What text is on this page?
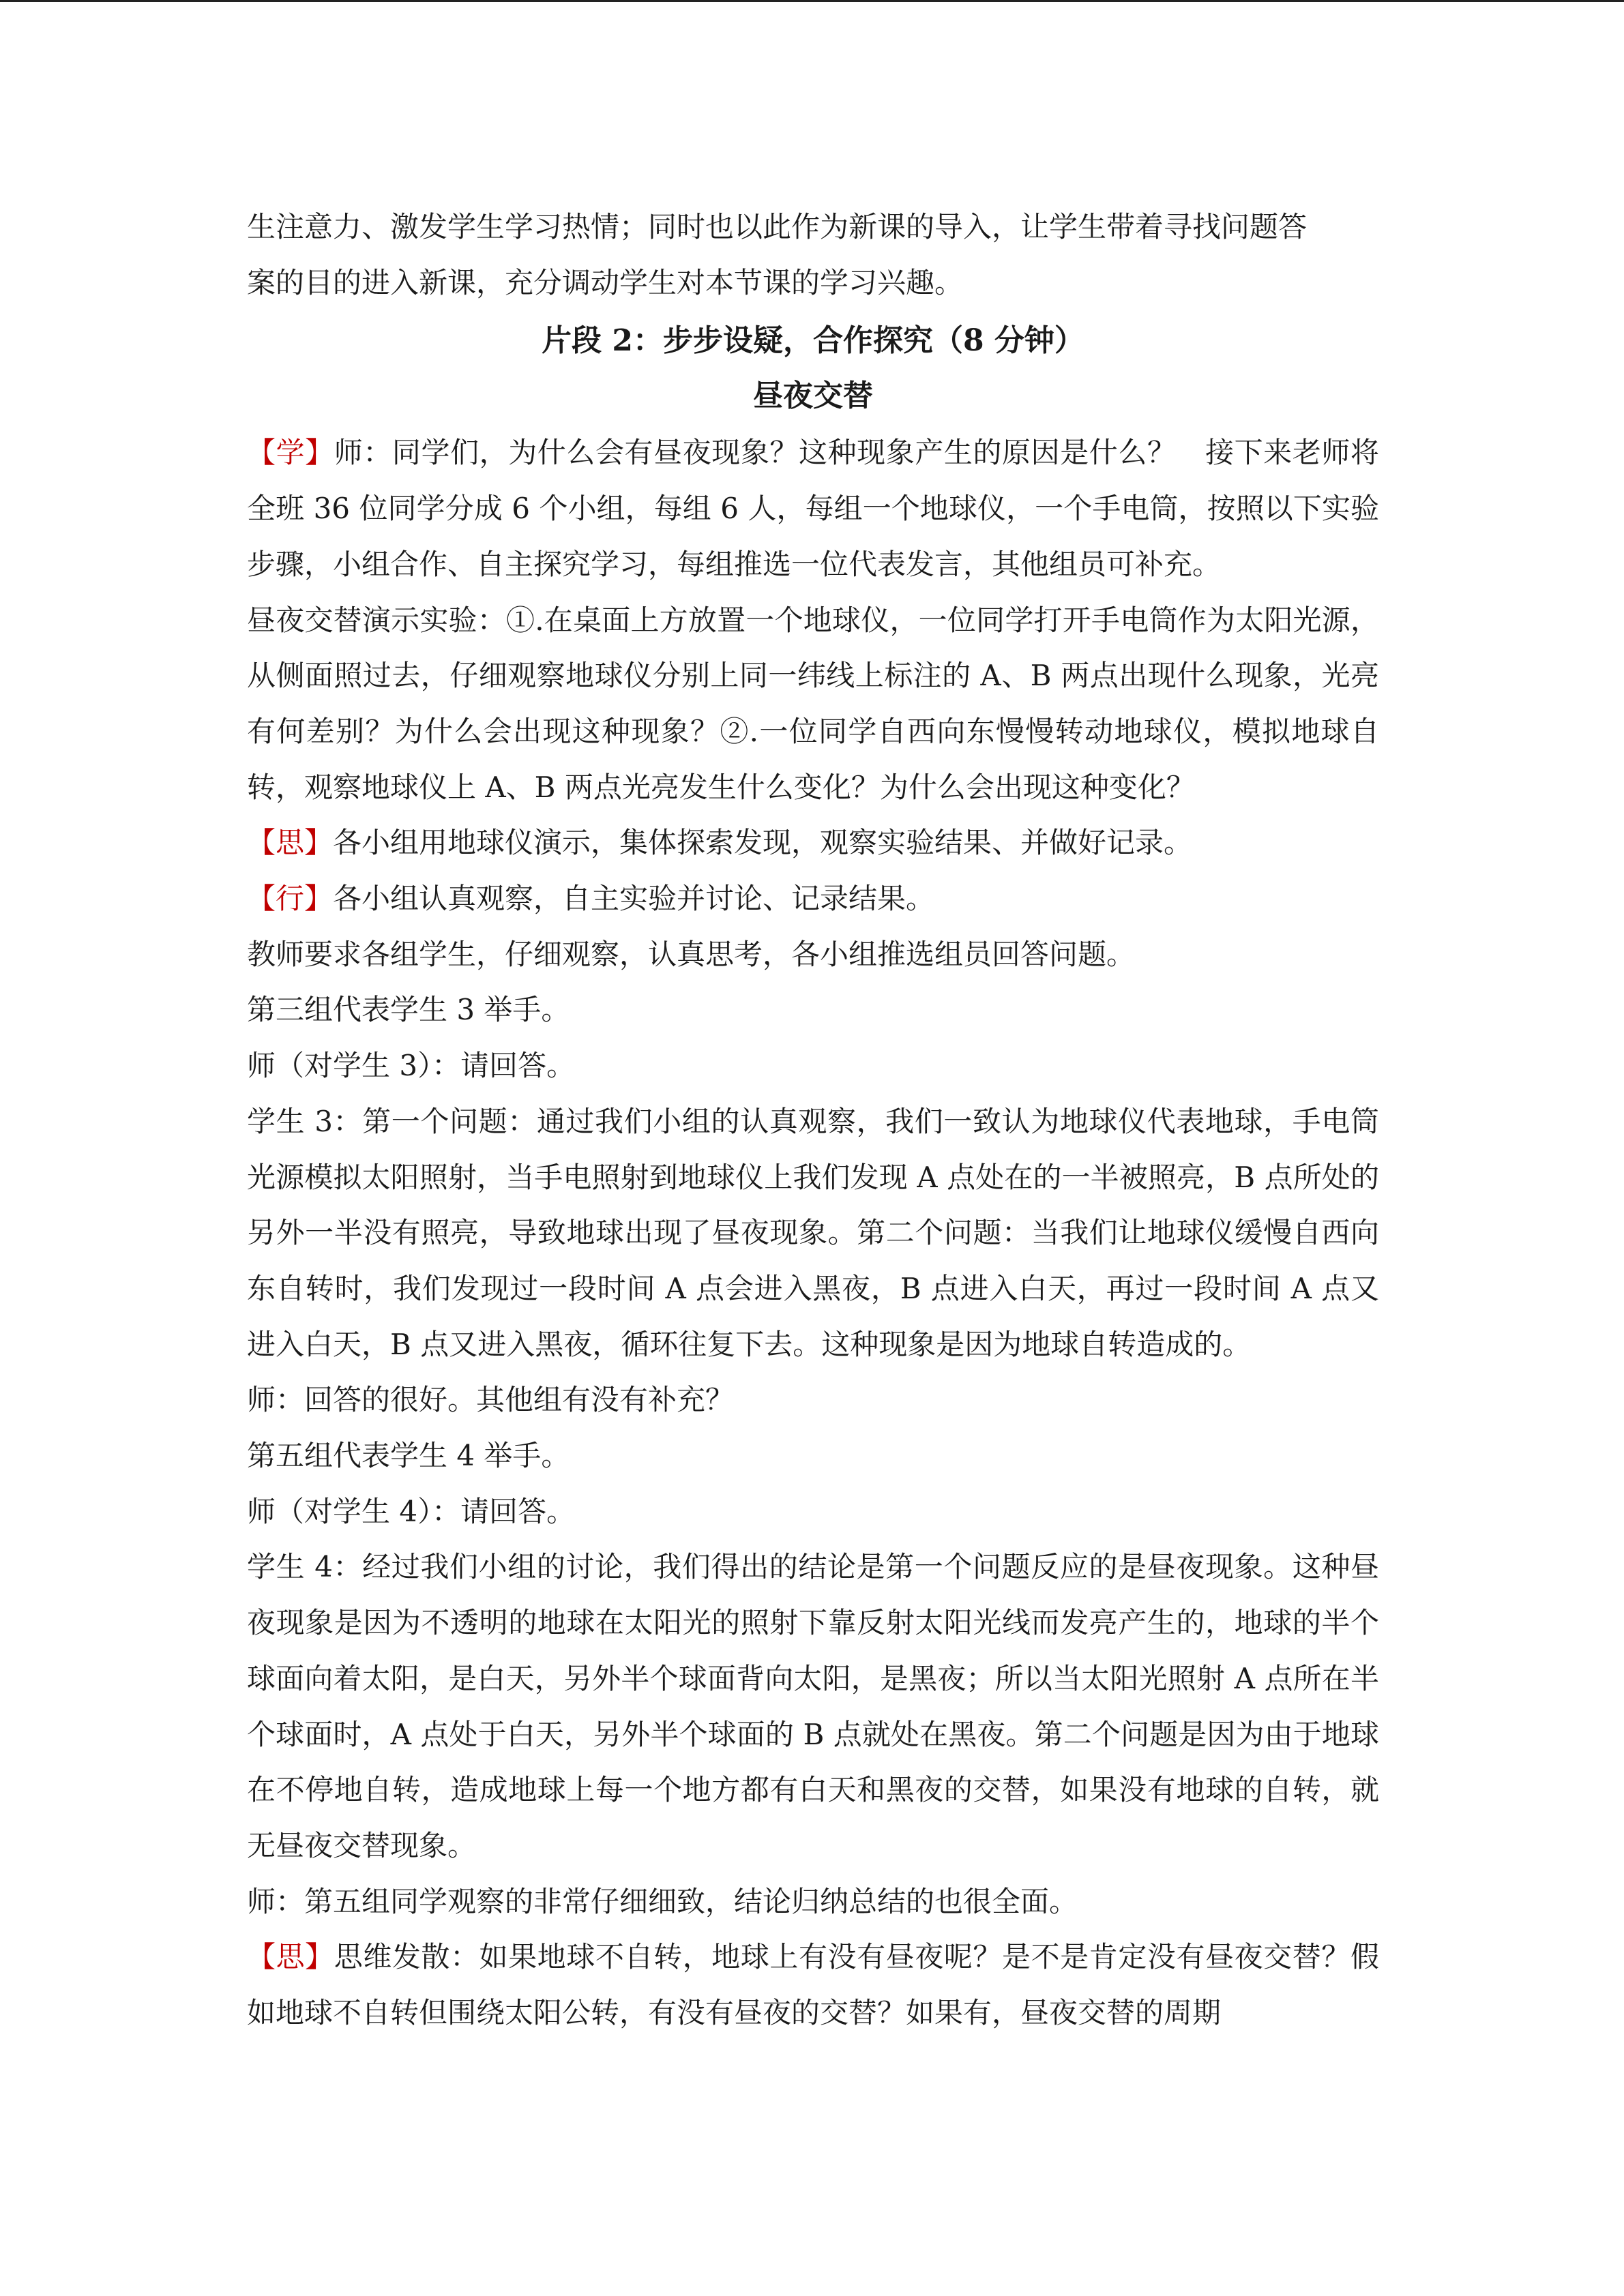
生注意力、激发学生学习热情；同时也以此作为新课的导入，让学生带着寻找问题答

案的目的进入新课，充分调动学生对本节课的学习兴趣。

片段 2：步步设疑，合作探究（8 分钟）

昼夜交替

【学】师：同学们，为什么会有昼夜现象？这种现象产生的原因是什么？　接下来老师将全班 36 位同学分成 6 个小组，每组 6 人，每组一个地球仪，一个手电筒，按照以下实验步骤，小组合作、自主探究学习，每组推选一位代表发言，其他组员可补充。

昼夜交替演示实验：①.在桌面上方放置一个地球仪，一位同学打开手电筒作为太阳光源，从侧面照过去，仔细观察地球仪分别上同一纬线上标注的 A、B 两点出现什么现象，光亮有何差别？为什么会出现这种现象？②.一位同学自西向东慢慢转动地球仪，模拟地球自转，观察地球仪上 A、B 两点光亮发生什么变化？为什么会出现这种变化？

【思】各小组用地球仪演示，集体探索发现，观察实验结果、并做好记录。

【行】各小组认真观察，自主实验并讨论、记录结果。

教师要求各组学生，仔细观察，认真思考，各小组推选组员回答问题。

第三组代表学生 3 举手。

师（对学生 3）：请回答。

学生 3：第一个问题：通过我们小组的认真观察，我们一致认为地球仪代表地球，手电筒光源模拟太阳照射，当手电照射到地球仪上我们发现 A 点处在的一半被照亮，B 点所处的另外一半没有照亮，导致地球出现了昼夜现象。第二个问题：当我们让地球仪缓慢自西向东自转时，我们发现过一段时间 A 点会进入黑夜，B 点进入白天，再过一段时间 A 点又进入白天，B 点又进入黑夜，循环往复下去。这种现象是因为地球自转造成的。

师：回答的很好。其他组有没有补充？

第五组代表学生 4 举手。

师（对学生 4）：请回答。

学生 4：经过我们小组的讨论，我们得出的结论是第一个问题反应的是昼夜现象。这种昼夜现象是因为不透明的地球在太阳光的照射下靠反射太阳光线而发亮产生的，地球的半个球面向着太阳，是白天，另外半个球面背向太阳，是黑夜；所以当太阳光照射 A 点所在半个球面时，A 点处于白天，另外半个球面的 B 点就处在黑夜。第二个问题是因为由于地球在不停地自转，造成地球上每一个地方都有白天和黑夜的交替，如果没有地球的自转，就无昼夜交替现象。

师：第五组同学观察的非常仔细细致，结论归纳总结的也很全面。

【思】思维发散：如果地球不自转，地球上有没有昼夜呢？是不是肯定没有昼夜交替？假如地球不自转但围绕太阳公转，有没有昼夜的交替？如果有，昼夜交替的周期
